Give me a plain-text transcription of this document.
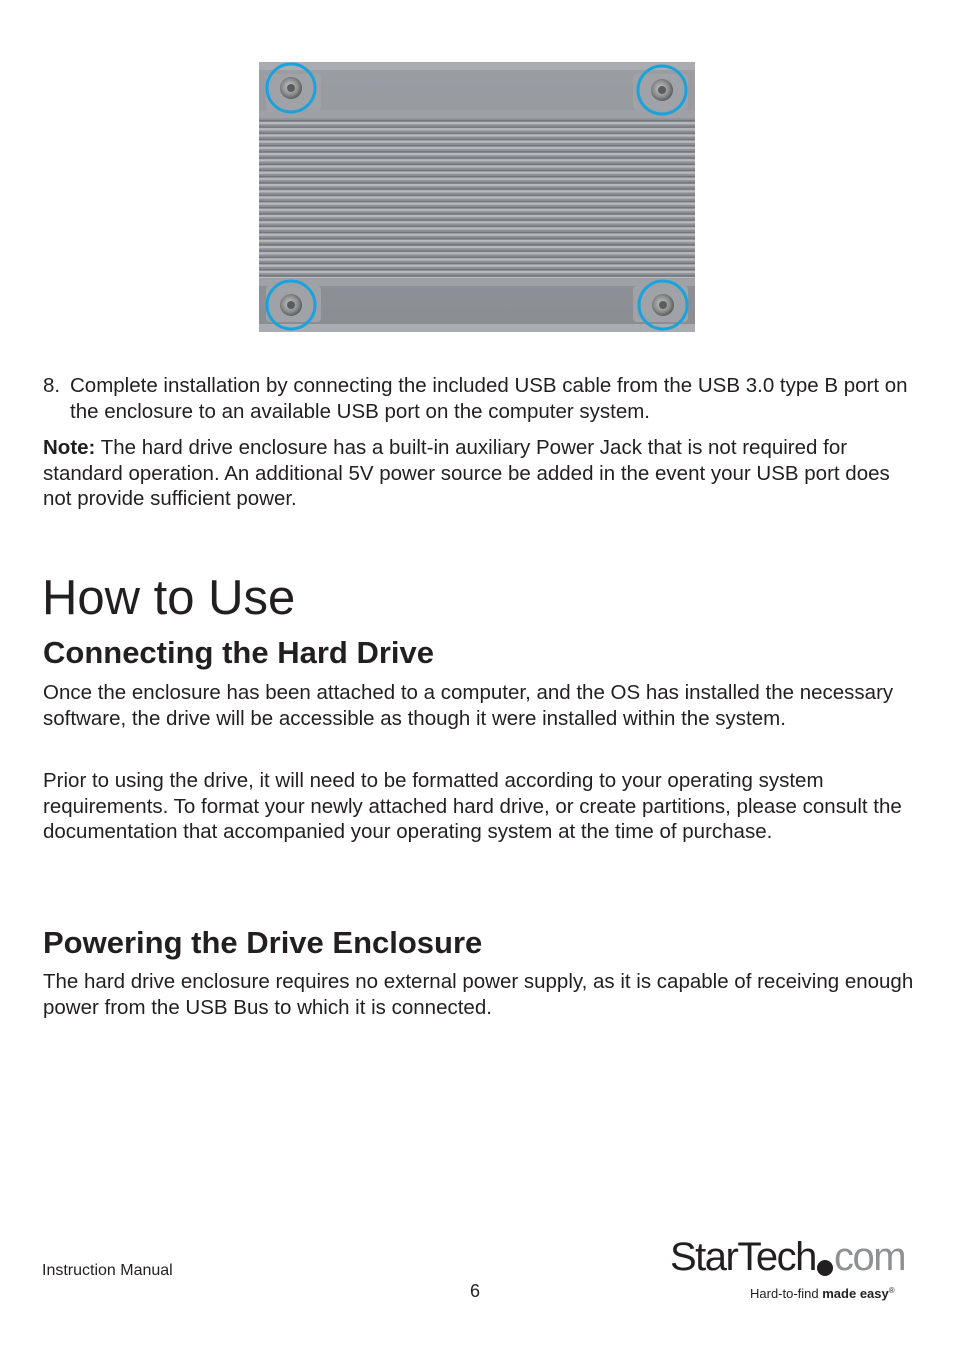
8. Complete installation by connecting the included USB cable from the USB 3.0 type B port on the enclosure to an available USB port on the computer system.
Note: The hard drive enclosure has a built-in auxiliary Power Jack that is not required for standard operation. An additional 5V power source be added in the event your USB port does not provide sufficient power.
How to Use
Connecting the Hard Drive
Once the enclosure has been attached to a computer, and the OS has installed the necessary software, the drive will be accessible as though it were installed within the system.
Prior to using the drive, it will need to be formatted according to your operating system requirements. To format your newly attached hard drive, or create partitions, please consult the documentation that accompanied your operating system at the time of purchase.
Powering the Drive Enclosure
The hard drive enclosure requires no external power supply, as it is capable of receiving enough power from the USB Bus to which it is connected.
Instruction Manual
6
StarTech com
Hard-to-find made easy®
